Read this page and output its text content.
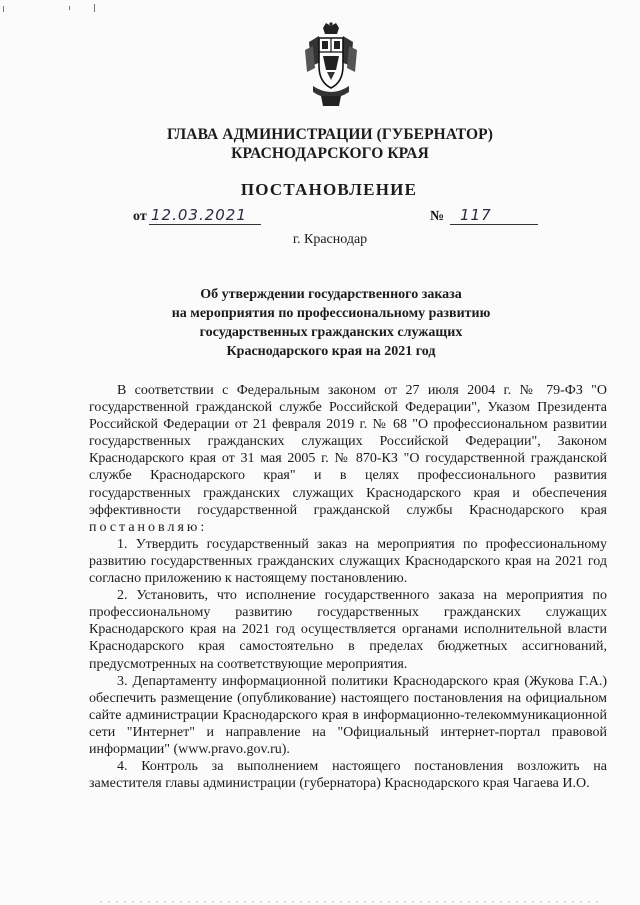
ГЛАВА АДМИНИСТРАЦИИ (ГУБЕРНАТОР)
КРАСНОДАРСКОГО КРАЯ
ПОСТАНОВЛЕНИЕ
от 12.03.2021	№ 117
г. Краснодар
Об утверждении государственного заказа
на мероприятия по профессиональному развитию
государственных гражданских служащих
Краснодарского края на 2021 год

В соответствии с Федеральным законом от 27 июля 2004 г. № 79-ФЗ "О государственной гражданской службе Российской Федерации", Указом Президента Российской Федерации от 21 февраля 2019 г. № 68 "О профессиональном развитии государственных гражданских служащих Российской Федерации", Законом Краснодарского края от 31 мая 2005 г. № 870-КЗ "О государственной гражданской службе Краснодарского края" и в целях профессионального развития государственных гражданских служащих Краснодарского края и обеспечения эффективности государственной гражданской службы Краснодарского края постановляю:

1. Утвердить государственный заказ на мероприятия по профессиональному развитию государственных гражданских служащих Краснодарского края на 2021 год согласно приложению к настоящему постановлению.

2. Установить, что исполнение государственного заказа на мероприятия по профессиональному развитию государственных гражданских служащих Краснодарского края на 2021 год осуществляется органами исполнительной власти Краснодарского края самостоятельно в пределах бюджетных ассигнований, предусмотренных на соответствующие мероприятия.

3. Департаменту информационной политики Краснодарского края (Жукова Г.А.) обеспечить размещение (опубликование) настоящего постановления на официальном сайте администрации Краснодарского края в информационно-телекоммуникационной сети "Интернет" и направление на "Официальный интернет-портал правовой информации" (www.pravo.gov.ru).

4. Контроль за выполнением настоящего постановления возложить на заместителя главы администрации (губернатора) Краснодарского края Чагаева И.О.
